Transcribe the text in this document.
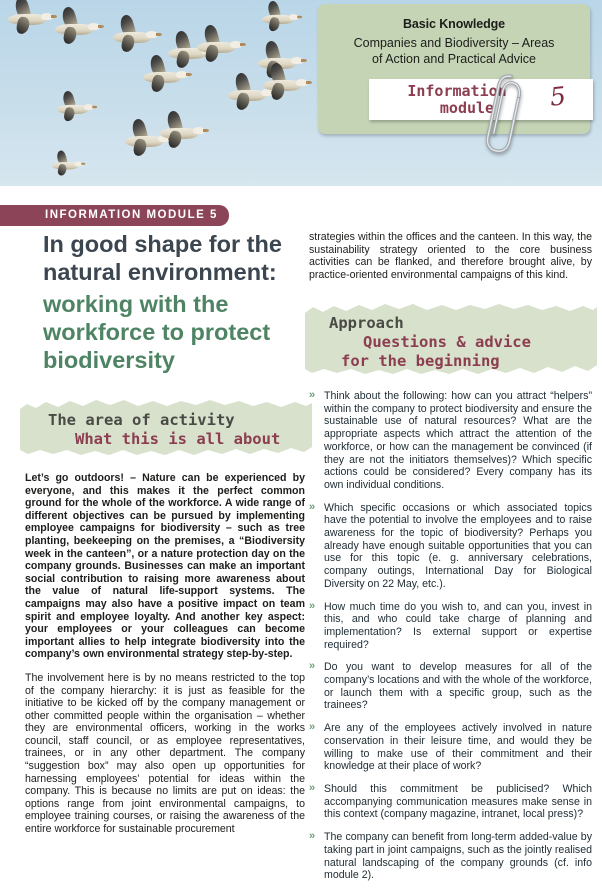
Basic Knowledge
Companies and Biodiversity – Areas
of Action and Practical Advice
Information
module	5
INFORMATION MODULE 5
In good shape for the
natural environment:
working with the
workforce to protect
biodiversity
The area of activity
What this is all about

Let’s go outdoors! – Nature can be experienced by everyone, and this makes it the perfect common ground for the whole of the workforce. A wide range of different objectives can be pursued by implementing employee campaigns for biodiversity – such as tree planting, beekeeping on the premises, a “Biodiversity week in the canteen”, or a nature protection day on the company grounds. Businesses can make an important social contribution to raising more awareness about the value of natural life-support systems. The campaigns may also have a positive impact on team spirit and employee loyalty. And another key aspect: your employees or your colleagues can become important allies to help integrate biodiversity into the company’s own environmental strategy step-by-step.

The involvement here is by no means restricted to the top of the company hierarchy: it is just as feasible for the initiative to be kicked off by the company management or other committed people within the organisation – whether they are environmental officers, working in the works council, staff council, or as employee representatives, trainees, or in any other department. The company “suggestion box” may also open up opportunities for harnessing employees’ potential for ideas within the company. This is because no limits are put on ideas: the options range from joint environmental campaigns, to employee training courses, or raising the awareness of the entire workforce for sustainable procurement

strategies within the offices and the canteen. In this way, the sustainability strategy oriented to the core business activities can be flanked, and therefore brought alive, by practice-oriented environmental campaigns of this kind.

Approach
Questions & advice
for the beginning
» Think about the following: how can you attract “helpers” within the company to protect biodiversity and ensure the sustainable use of natural resources? What are the appropriate aspects which attract the attention of the workforce, or how can the management be convinced (if they are not the initiators themselves)? Which specific actions could be considered? Every company has its own individual conditions.
» Which specific occasions or which associated topics have the potential to involve the employees and to raise awareness for the topic of biodiversity? Perhaps you already have enough suitable opportunities that you can use for this topic (e. g. anniversary celebrations, company outings, International Day for Biological Diversity on 22 May, etc.).
» How much time do you wish to, and can you, invest in this, and who could take charge of planning and implementation? Is external support or expertise required?
» Do you want to develop measures for all of the company’s locations and with the whole of the workforce, or launch them with a specific group, such as the trainees?
» Are any of the employees actively involved in nature conservation in their leisure time, and would they be willing to make use of their commitment and their knowledge at their place of work?
» Should this commitment be publicised? Which accompanying communication measures make sense in this context (company magazine, intranet, local press)?
» The company can benefit from long-term added-value by taking part in joint campaigns, such as the jointly realised natural landscaping of the company grounds (cf. info module 2).
